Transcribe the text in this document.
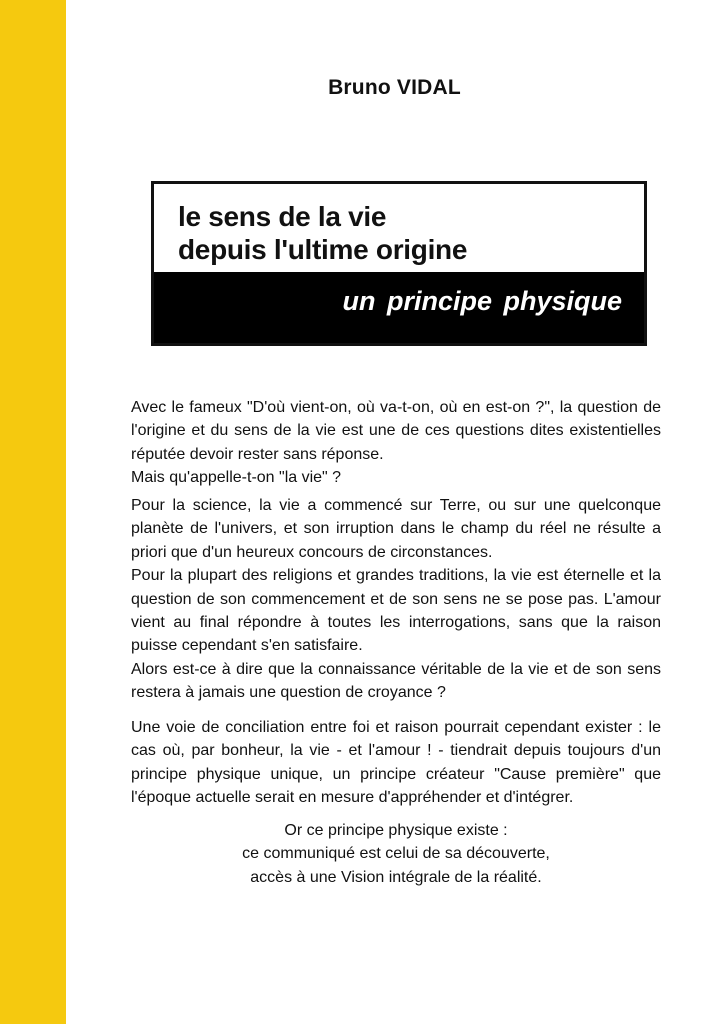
Bruno VIDAL
le sens de la vie
depuis l'ultime origine
un principe physique

Avec le fameux "D'où vient-on, où va-t-on, où en est-on ?", la question de l'origine et du sens de la vie est une de ces questions dites existentielles réputée devoir rester sans réponse.

Mais qu'appelle-t-on "la vie" ?

Pour la science, la vie a commencé sur Terre, ou sur une quelconque planète de l'univers, et son irruption dans le champ du réel ne résulte a priori que d'un heureux concours de circonstances.

Pour la plupart des religions et grandes traditions, la vie est éternelle et la question de son commencement et de son sens ne se pose pas. L'amour vient au final répondre à toutes les interrogations, sans que la raison puisse cependant s'en satisfaire.

Alors est-ce à dire que la connaissance véritable de la vie et de son sens restera à jamais une question de croyance ?

Une voie de conciliation entre foi et raison pourrait cependant exister : le cas où, par bonheur, la vie - et l'amour ! - tiendrait depuis toujours d'un principe physique unique, un principe créateur "Cause première" que l'époque actuelle serait en mesure d'appréhender et d'intégrer.

Or ce principe physique existe :

ce communiqué est celui de sa découverte,

accès à une Vision intégrale de la réalité.
